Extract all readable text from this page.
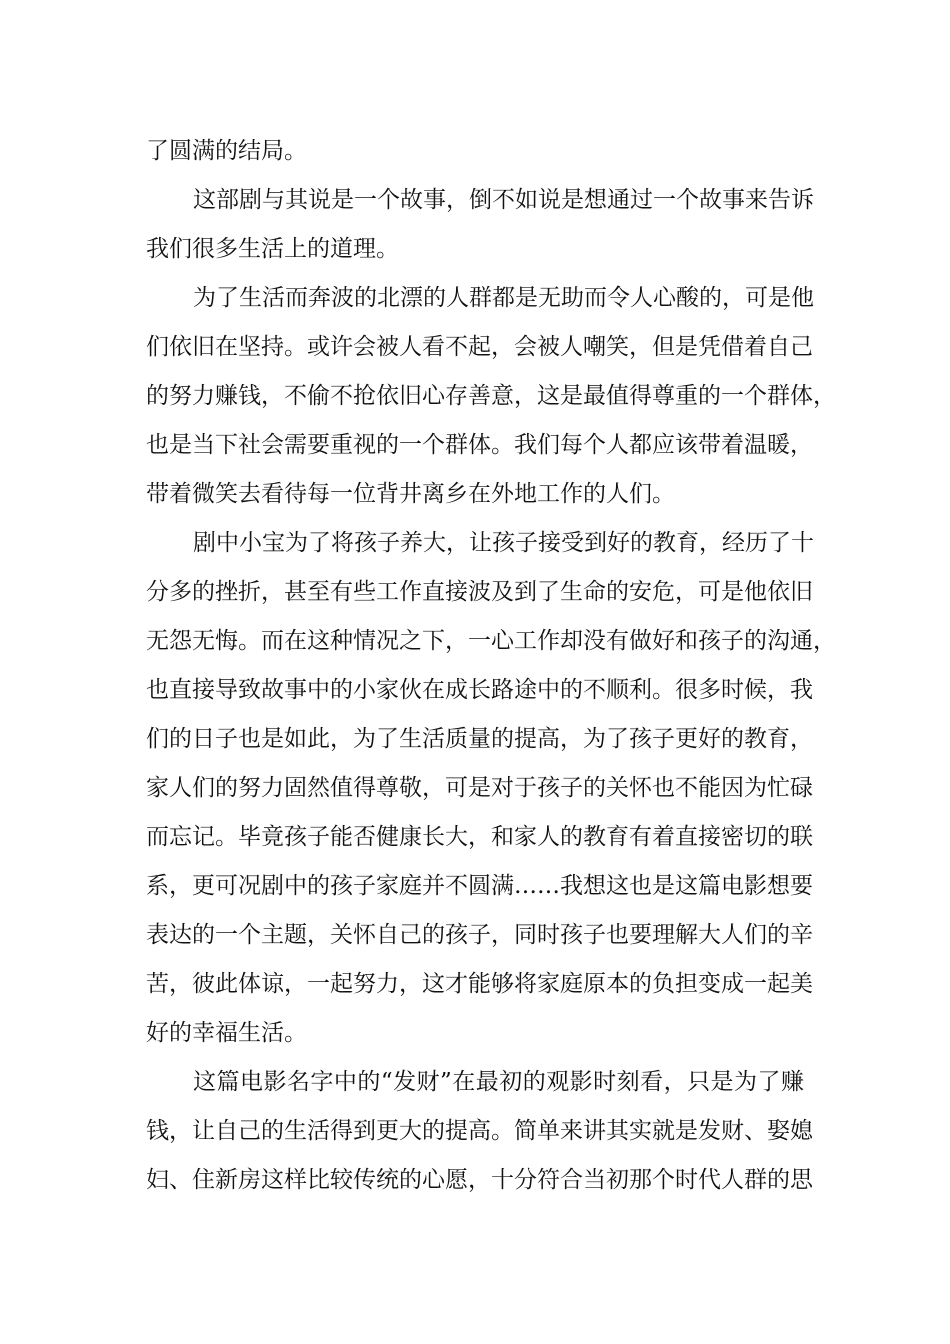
了圆满的结局。
这部剧与其说是一个故事，倒不如说是想通过一个故事来告诉
我们很多生活上的道理。
为了生活而奔波的北漂的人群都是无助而令人心酸的，可是他
们依旧在坚持。或许会被人看不起，会被人嘲笑，但是凭借着自己
的努力赚钱，不偷不抢依旧心存善意，这是最值得尊重的一个群体，
也是当下社会需要重视的一个群体。我们每个人都应该带着温暖，
带着微笑去看待每一位背井离乡在外地工作的人们。
剧中小宝为了将孩子养大，让孩子接受到好的教育，经历了十
分多的挫折，甚至有些工作直接波及到了生命的安危，可是他依旧
无怨无悔。而在这种情况之下，一心工作却没有做好和孩子的沟通，
也直接导致故事中的小家伙在成长路途中的不顺利。很多时候，我
们的日子也是如此，为了生活质量的提高，为了孩子更好的教育，
家人们的努力固然值得尊敬，可是对于孩子的关怀也不能因为忙碌
而忘记。毕竟孩子能否健康长大，和家人的教育有着直接密切的联
系，更可况剧中的孩子家庭并不圆满……我想这也是这篇电影想要
表达的一个主题，关怀自己的孩子，同时孩子也要理解大人们的辛
苦，彼此体谅，一起努力，这才能够将家庭原本的负担变成一起美
好的幸福生活。
这篇电影名字中的“发财”在最初的观影时刻看，只是为了赚
钱，让自己的生活得到更大的提高。简单来讲其实就是发财、娶媳
妇、住新房这样比较传统的心愿，十分符合当初那个时代人群的思
